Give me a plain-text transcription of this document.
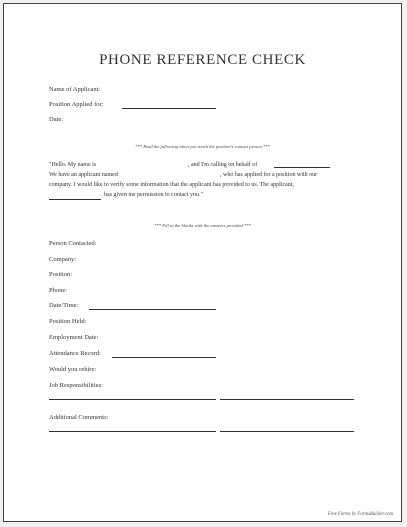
PHONE REFERENCE CHECK
Name of Applicant:
Position Applied for:
Date:
*** Read the following when you reach the position's contact person ***
"Hello. My name is	, and I'm calling on behalf of
We have an applicant named	, who has applied for a position with our
company. I would like to verify some information that the applicant has provided to us. The applicant,
has given me permission to contact you."
*** Fill in the blanks with the answers provided ***
Person Contacted:
Company:
Position:
Phone:
Date/Time:
Position Held:
Employment Date:
Attendance Record:
Would you rehire:
Job Responsibilities:
Additional Comments:
Free Forms by FormsBuilder.com
